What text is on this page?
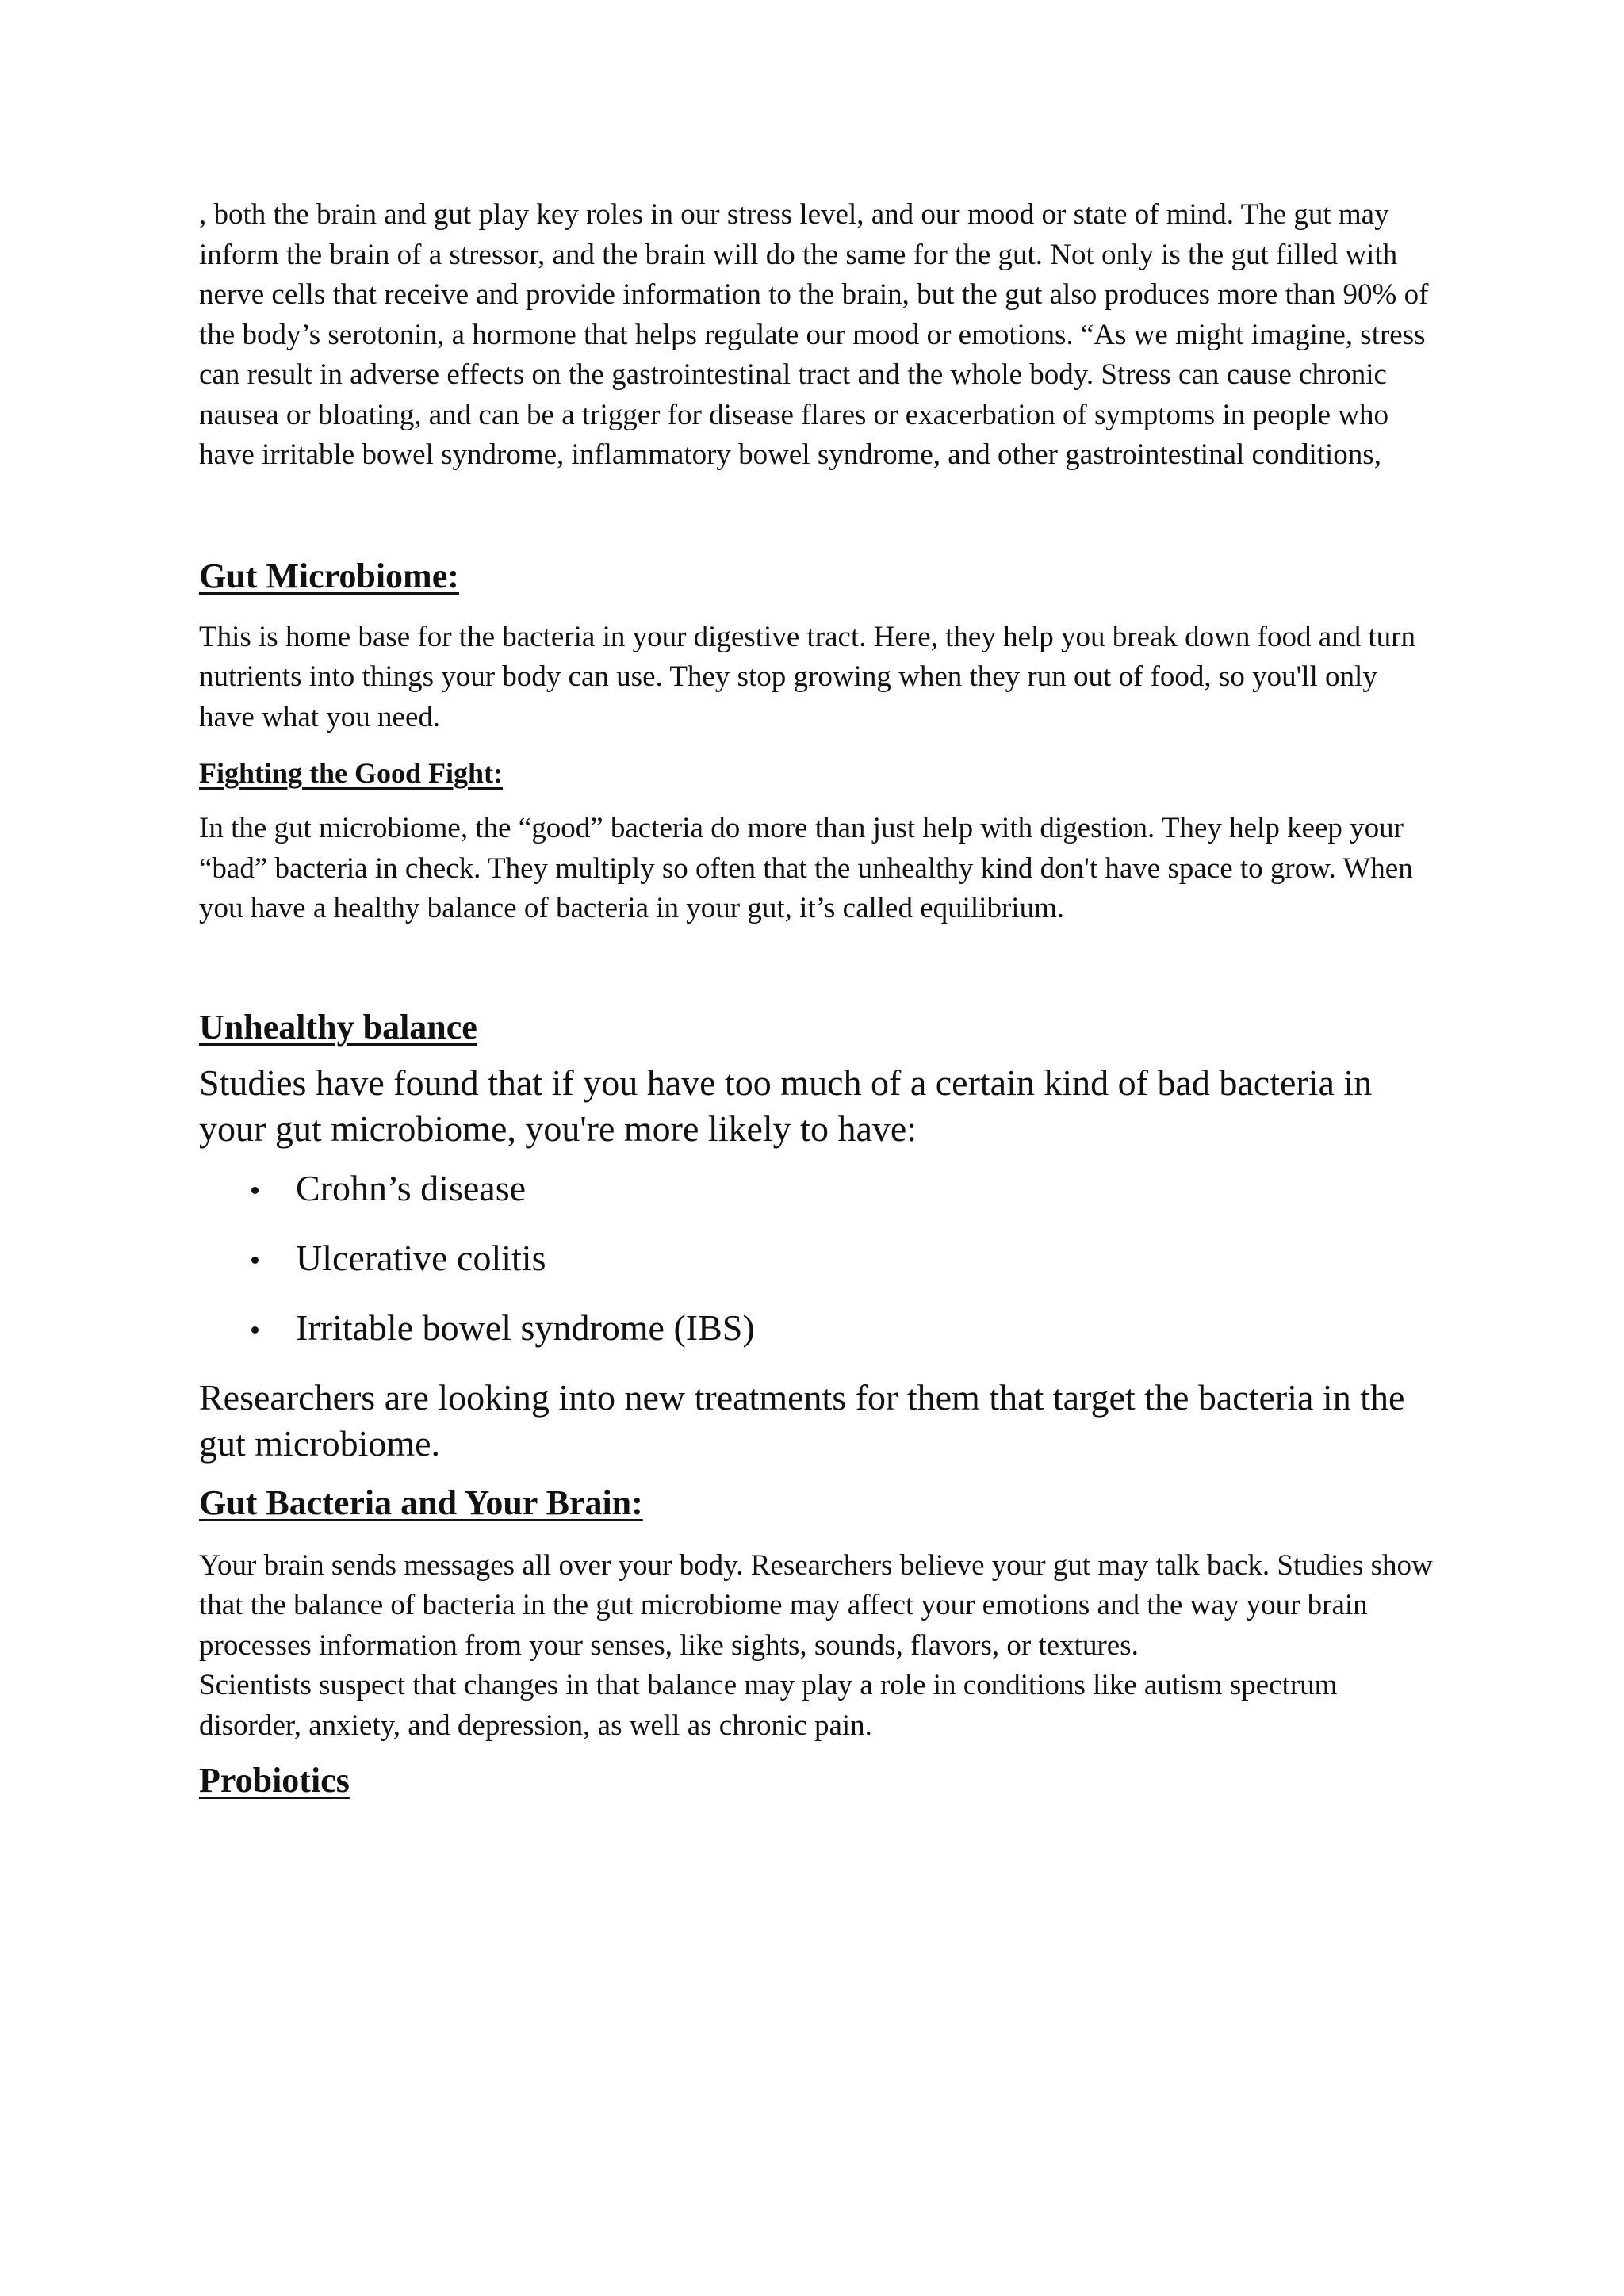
, both the brain and gut play key roles in our stress level, and our mood or state of mind. The gut may inform the brain of a stressor, and the brain will do the same for the gut. Not only is the gut filled with nerve cells that receive and provide information to the brain, but the gut also produces more than 90% of the body’s serotonin, a hormone that helps regulate our mood or emotions. “As we might imagine, stress can result in adverse effects on the gastrointestinal tract and the whole body. Stress can cause chronic nausea or bloating, and can be a trigger for disease flares or exacerbation of symptoms in people who have irritable bowel syndrome, inflammatory bowel syndrome, and other gastrointestinal conditions,

Gut Microbiome:

This is home base for the bacteria in your digestive tract. Here, they help you break down food and turn nutrients into things your body can use. They stop growing when they run out of food, so you'll only have what you need.

Fighting the Good Fight:

In the gut microbiome, the “good” bacteria do more than just help with digestion. They help keep your “bad” bacteria in check. They multiply so often that the unhealthy kind don't have space to grow. When you have a healthy balance of bacteria in your gut, it’s called equilibrium.

Unhealthy balance

Studies have found that if you have too much of a certain kind of bad bacteria in your gut microbiome, you're more likely to have:

Crohn’s disease
Ulcerative colitis
Irritable bowel syndrome (IBS)

Researchers are looking into new treatments for them that target the bacteria in the gut microbiome.

Gut Bacteria and Your Brain:

Your brain sends messages all over your body. Researchers believe your gut may talk back. Studies show that the balance of bacteria in the gut microbiome may affect your emotions and the way your brain processes information from your senses, like sights, sounds, flavors, or textures.

Scientists suspect that changes in that balance may play a role in conditions like autism spectrum disorder, anxiety, and depression, as well as chronic pain.

Probiotics
